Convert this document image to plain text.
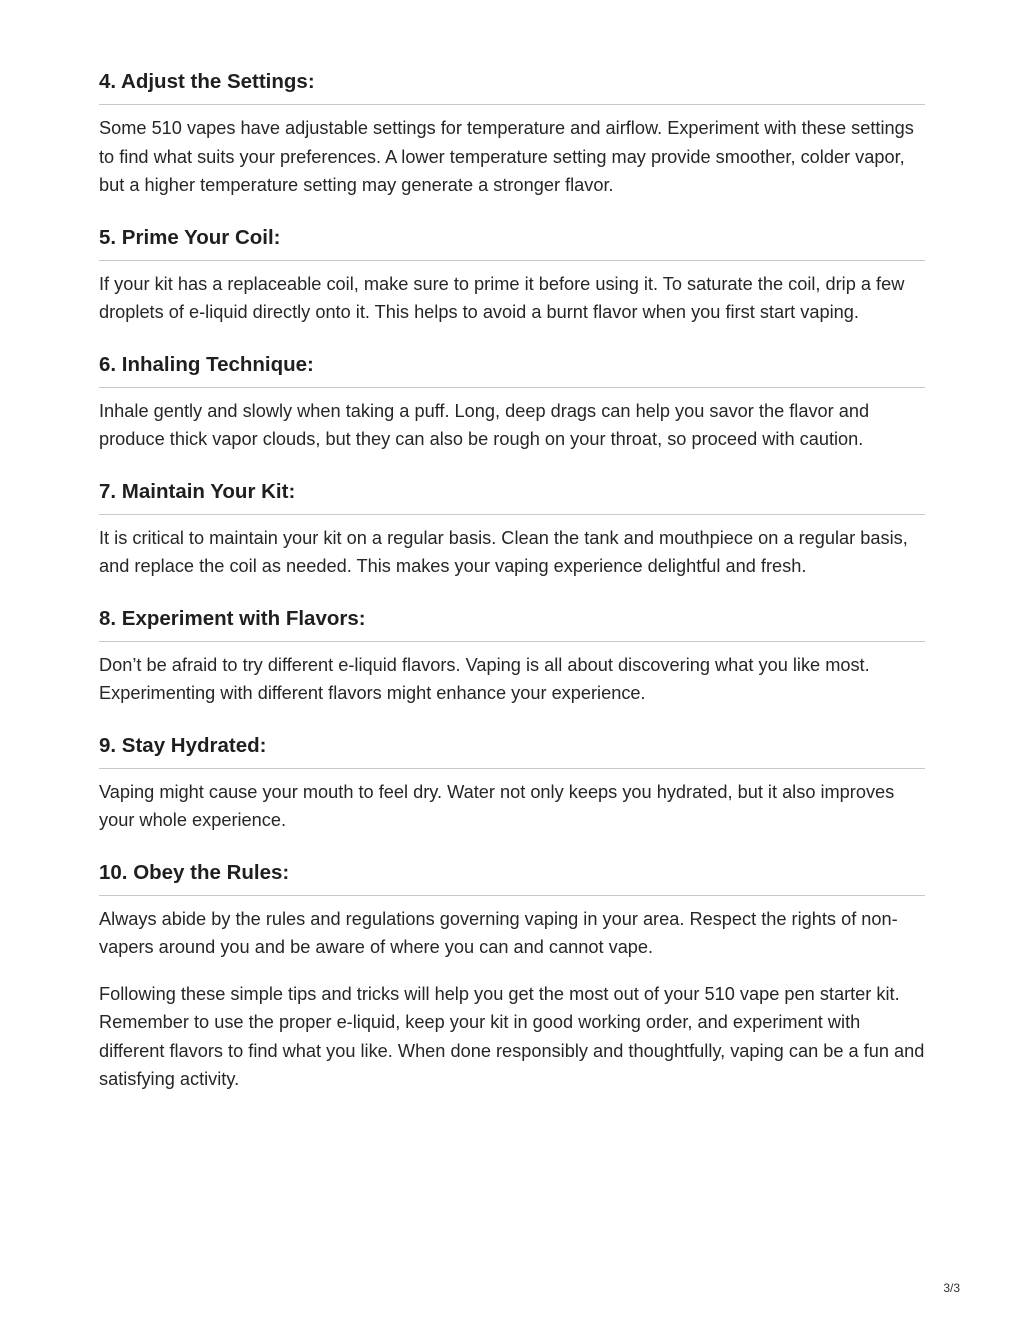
4. Adjust the Settings:

Some 510 vapes have adjustable settings for temperature and airflow. Experiment with these settings to find what suits your preferences. A lower temperature setting may provide smoother, colder vapor, but a higher temperature setting may generate a stronger flavor.

5. Prime Your Coil:

If your kit has a replaceable coil, make sure to prime it before using it. To saturate the coil, drip a few droplets of e-liquid directly onto it. This helps to avoid a burnt flavor when you first start vaping.

6. Inhaling Technique:

Inhale gently and slowly when taking a puff. Long, deep drags can help you savor the flavor and produce thick vapor clouds, but they can also be rough on your throat, so proceed with caution.

7. Maintain Your Kit:

It is critical to maintain your kit on a regular basis. Clean the tank and mouthpiece on a regular basis, and replace the coil as needed. This makes your vaping experience delightful and fresh.

8. Experiment with Flavors:

Don’t be afraid to try different e-liquid flavors. Vaping is all about discovering what you like most. Experimenting with different flavors might enhance your experience.

9. Stay Hydrated:

Vaping might cause your mouth to feel dry. Water not only keeps you hydrated, but it also improves your whole experience.

10. Obey the Rules:

Always abide by the rules and regulations governing vaping in your area. Respect the rights of non-vapers around you and be aware of where you can and cannot vape.

Following these simple tips and tricks will help you get the most out of your 510 vape pen starter kit. Remember to use the proper e-liquid, keep your kit in good working order, and experiment with different flavors to find what you like. When done responsibly and thoughtfully, vaping can be a fun and satisfying activity.

3/3
